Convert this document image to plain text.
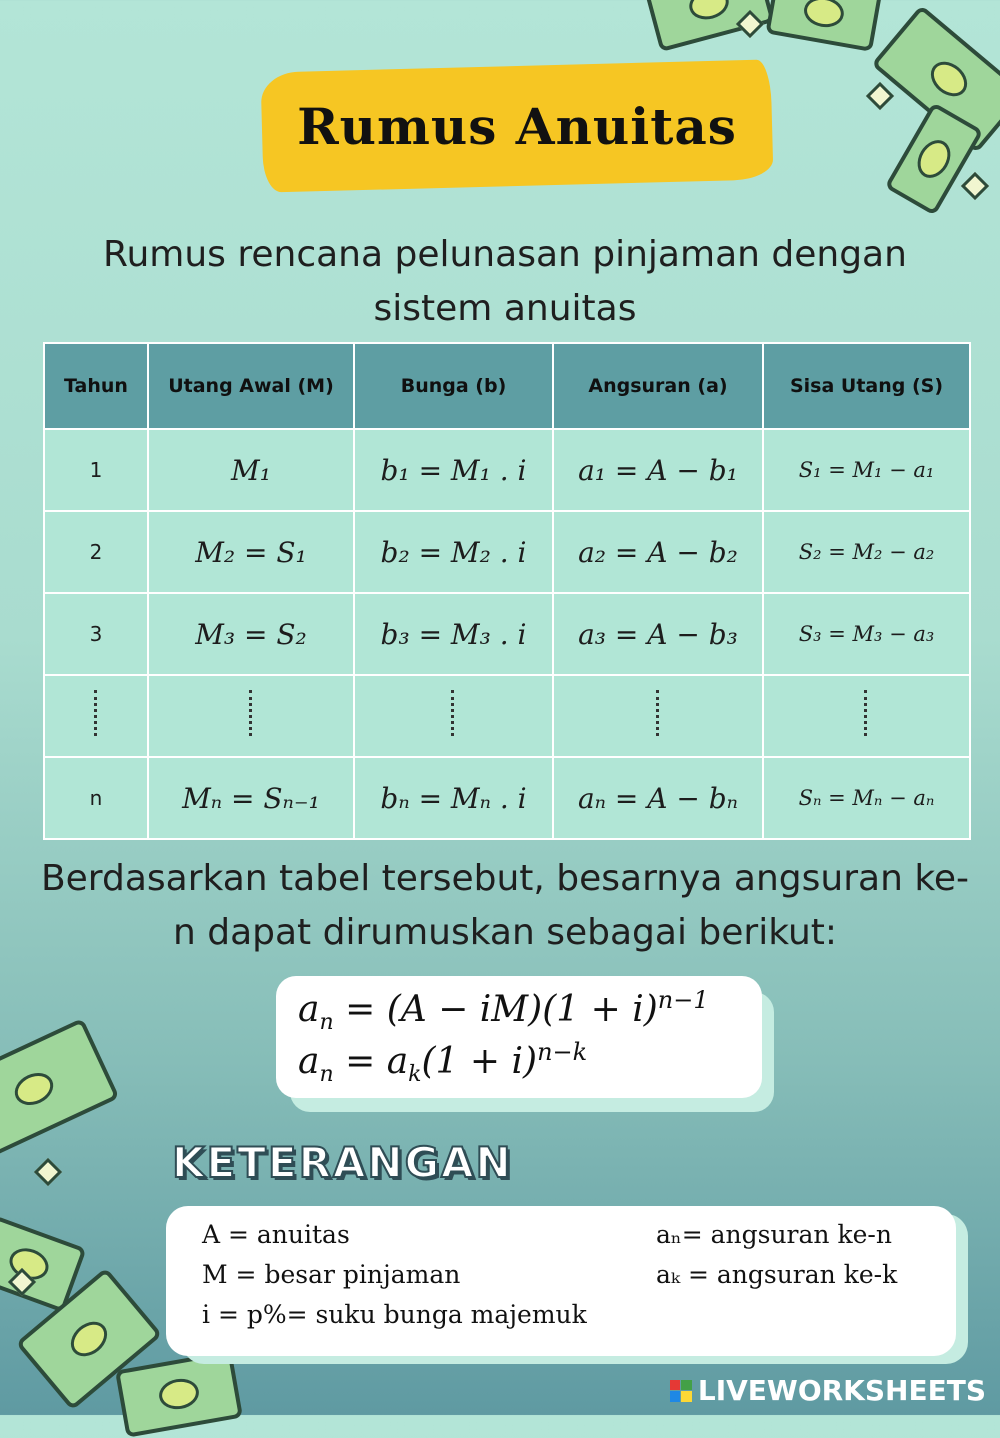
Rumus Anuitas
Rumus rencana pelunasan pinjaman dengan sistem anuitas
Tahun	Utang Awal (M)	Bunga (b)	Angsuran (a)	Sisa Utang (S)
1	M₁	b₁ = M₁ . i	a₁ = A − b₁	S₁ = M₁ − a₁
2	M₂ = S₁	b₂ = M₂ . i	a₂ = A − b₂	S₂ = M₂ − a₂
3	M₃ = S₂	b₃ = M₃ . i	a₃ = A − b₃	S₃ = M₃ − a₃

n	Mₙ = Sₙ₋₁	bₙ = Mₙ . i	aₙ = A − bₙ	Sₙ = Mₙ − aₙ
Berdasarkan tabel tersebut, besarnya angsuran ke-n dapat dirumuskan sebagai berikut:
$a_n = (A - iM)(1 + i)^{n-1}$
$a_n = a_k(1 + i)^{n-k}$
KETERANGAN
A = anuitas
M = besar pinjaman
i = p%= suku bunga majemuk
aₙ= angsuran ke-n
aₖ = angsuran ke-k
LIVEWORKSHEETS
